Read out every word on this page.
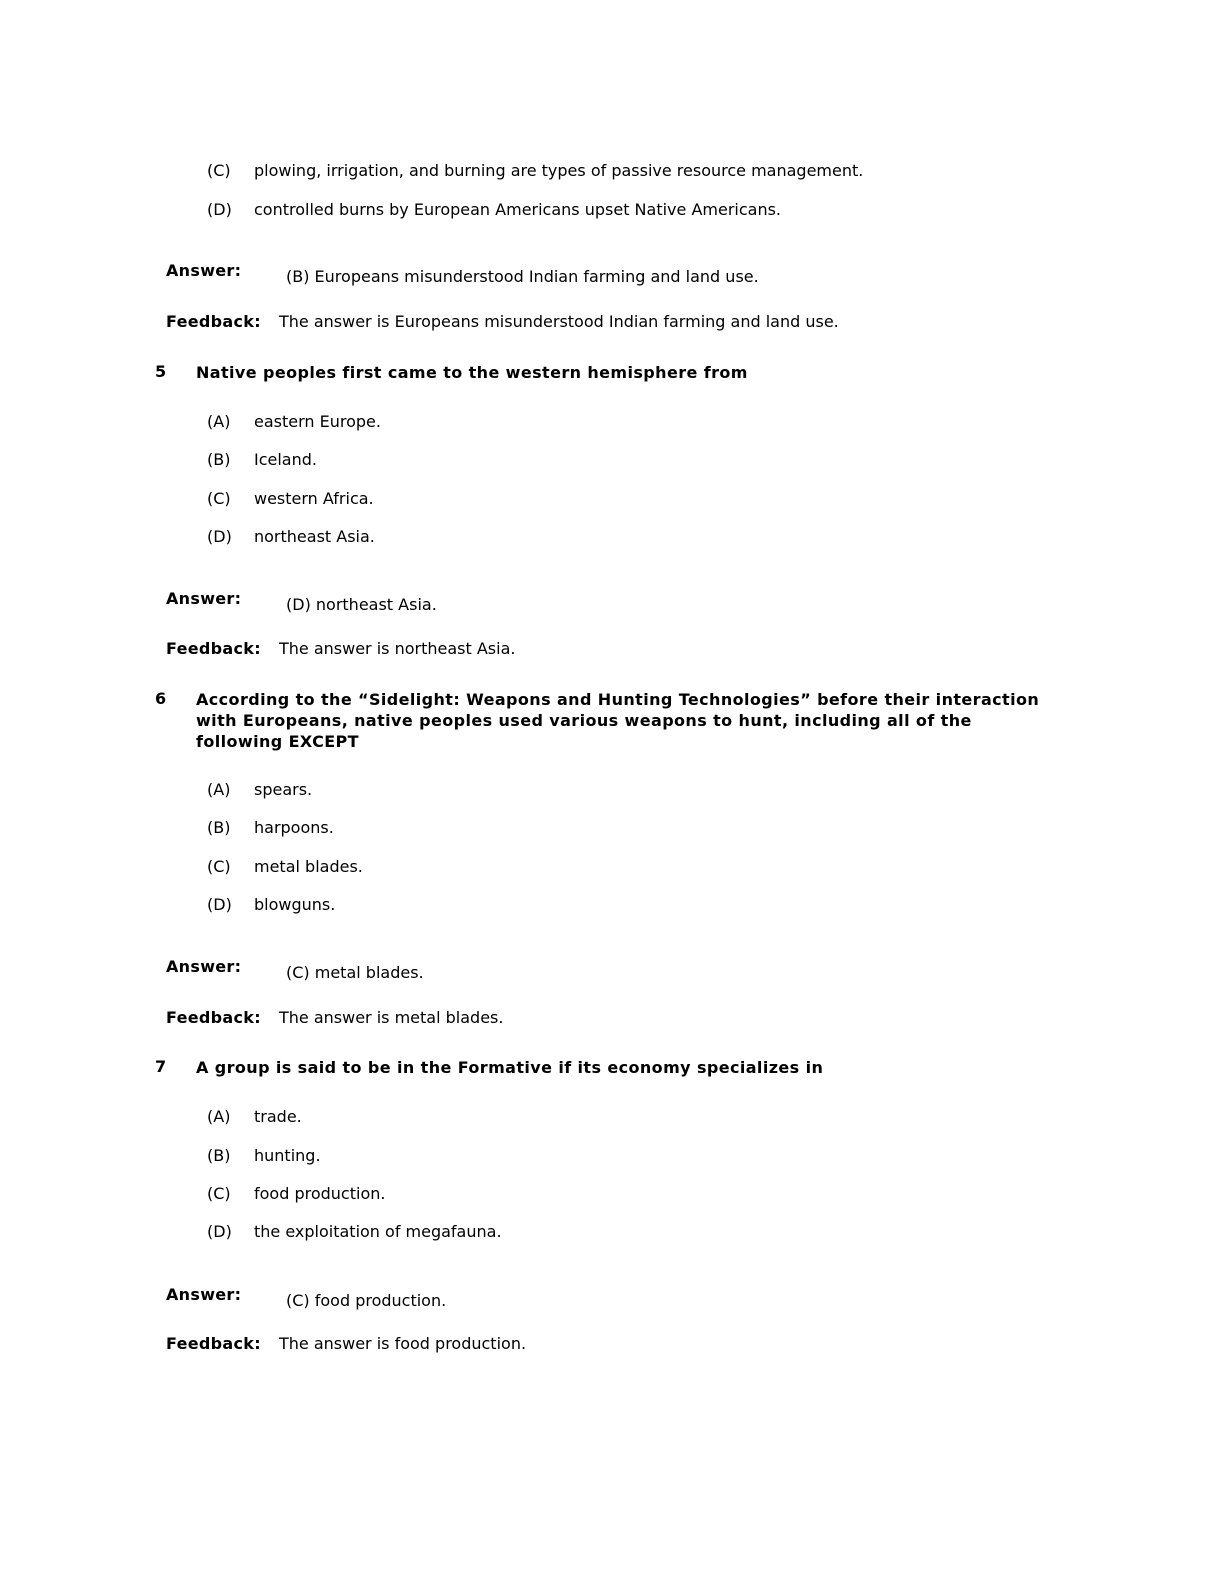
(C) plowing, irrigation, and burning are types of passive resource management.
(D) controlled burns by European Americans upset Native Americans.
Answer:	(B) Europeans misunderstood Indian farming and land use.
Feedback: The answer is Europeans misunderstood Indian farming and land use.
5 Native peoples first came to the western hemisphere from
(A) eastern Europe.
(B) Iceland.
(C) western Africa.
(D) northeast Asia.
Answer:	(D) northeast Asia.
Feedback: The answer is northeast Asia.
6 According to the “Sidelight: Weapons and Hunting Technologies” before their interaction with Europeans, native peoples used various weapons to hunt, including all of the following EXCEPT
(A) spears.
(B) harpoons.
(C) metal blades.
(D) blowguns.
Answer:	(C) metal blades.
Feedback: The answer is metal blades.
7 A group is said to be in the Formative if its economy specializes in
(A) trade.
(B) hunting.
(C) food production.
(D) the exploitation of megafauna.
Answer:	(C) food production.
Feedback: The answer is food production.
